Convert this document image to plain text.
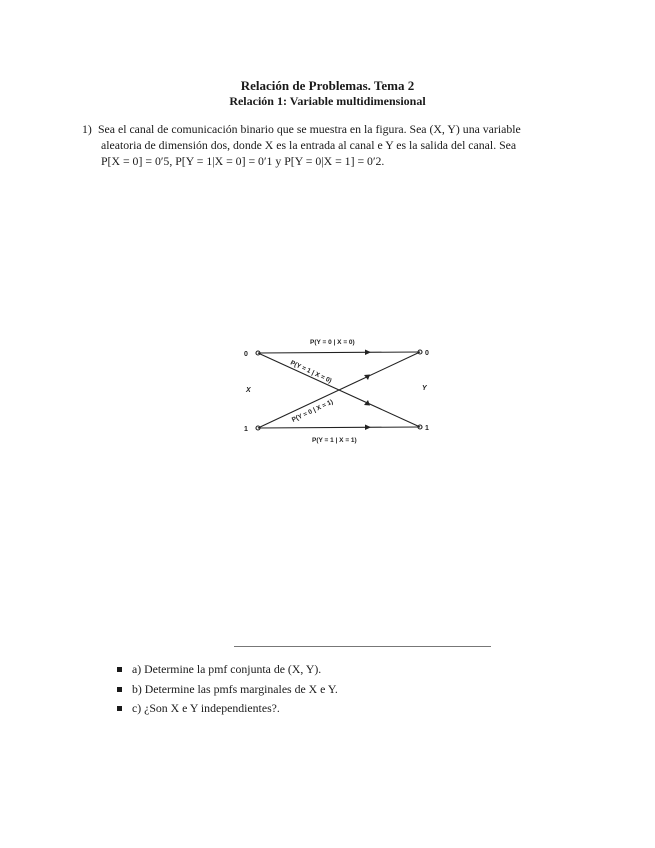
Relación de Problemas. Tema 2
Relación 1: Variable multidimensional
1) Sea el canal de comunicación binario que se muestra en la figura. Sea (X, Y) una variable
aleatoria de dimensión dos, donde X es la entrada al canal e Y es la salida del canal. Sea
P[X = 0] = 0′5, P[Y = 1|X = 0] = 0′1 y P[Y = 0|X = 1] = 0′2.
0
1
0
1
X	Y
P(Y = 0 | X = 0)
P(Y = 1 | X = 1)
P(Y = 1 | X = 0)
P(Y = 0 | X = 1)
a) Determine la pmf conjunta de (X, Y).
b) Determine las pmfs marginales de X e Y.
c) ¿Son X e Y independientes?.
